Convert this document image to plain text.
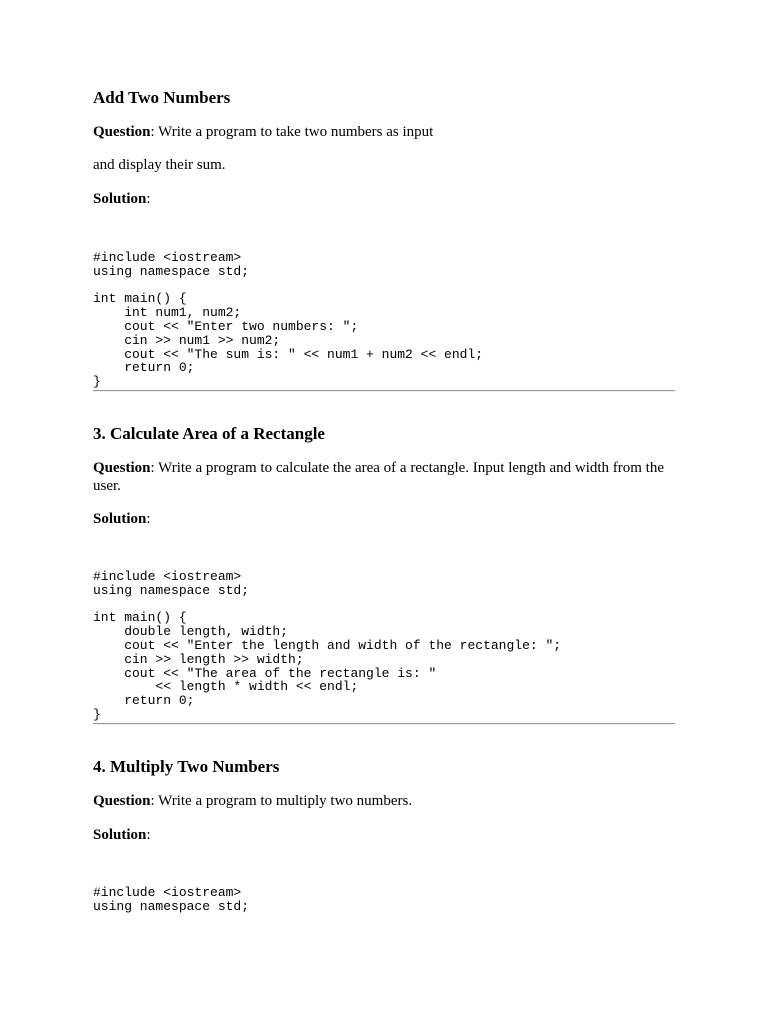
Add Two Numbers

Question: Write a program to take two numbers as input

and display their sum.

Solution:

#include <iostream>
using namespace std;

int main() {
int num1, num2;
cout << "Enter two numbers: ";
cin >> num1 >> num2;
cout << "The sum is: " << num1 + num2 << endl;
return 0;
}
3. Calculate Area of a Rectangle

Question: Write a program to calculate the area of a rectangle. Input length and width from the user.

Solution:

#include <iostream>
using namespace std;

int main() {
double length, width;
cout << "Enter the length and width of the rectangle: ";
cin >> length >> width;
cout << "The area of the rectangle is: "
<< length * width << endl;
return 0;
}
4. Multiply Two Numbers

Question: Write a program to multiply two numbers.

Solution:

#include <iostream>
using namespace std;
